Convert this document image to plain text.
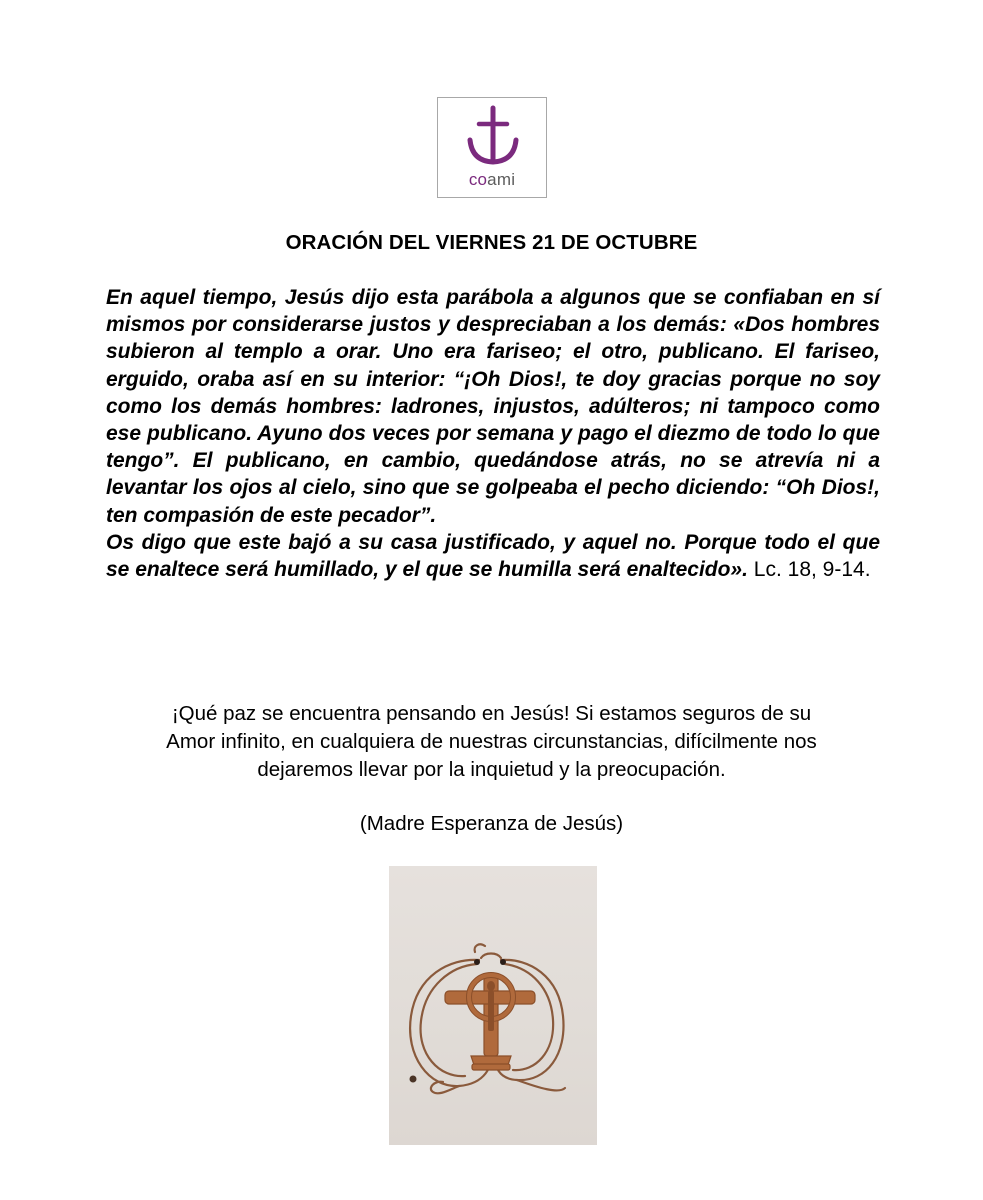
coami
ORACIÓN DEL VIERNES 21 DE OCTUBRE

En aquel tiempo, Jesús dijo esta parábola a algunos que se confiaban en sí mismos por considerarse justos y despreciaban a los demás: «Dos hombres subieron al templo a orar. Uno era fariseo; el otro, publicano. El fariseo, erguido, oraba así en su interior: “¡Oh Dios!, te doy gracias porque no soy como los demás hombres: ladrones, injustos, adúlteros; ni tampoco como ese publicano. Ayuno dos veces por semana y pago el diezmo de todo lo que tengo”. El publicano, en cambio, quedándose atrás, no se atrevía ni a levantar los ojos al cielo, sino que se golpeaba el pecho diciendo: “Oh Dios!, ten compasión de este pecador”.

Os digo que este bajó a su casa justificado, y aquel no. Porque todo el que se enaltece será humillado, y el que se humilla será enaltecido». Lc. 18, 9-14.

¡Qué paz se encuentra pensando en Jesús! Si estamos seguros de su
Amor infinito, en cualquiera de nuestras circunstancias, difícilmente nos
dejaremos llevar por la inquietud y la preocupación.
(Madre Esperanza de Jesús)
